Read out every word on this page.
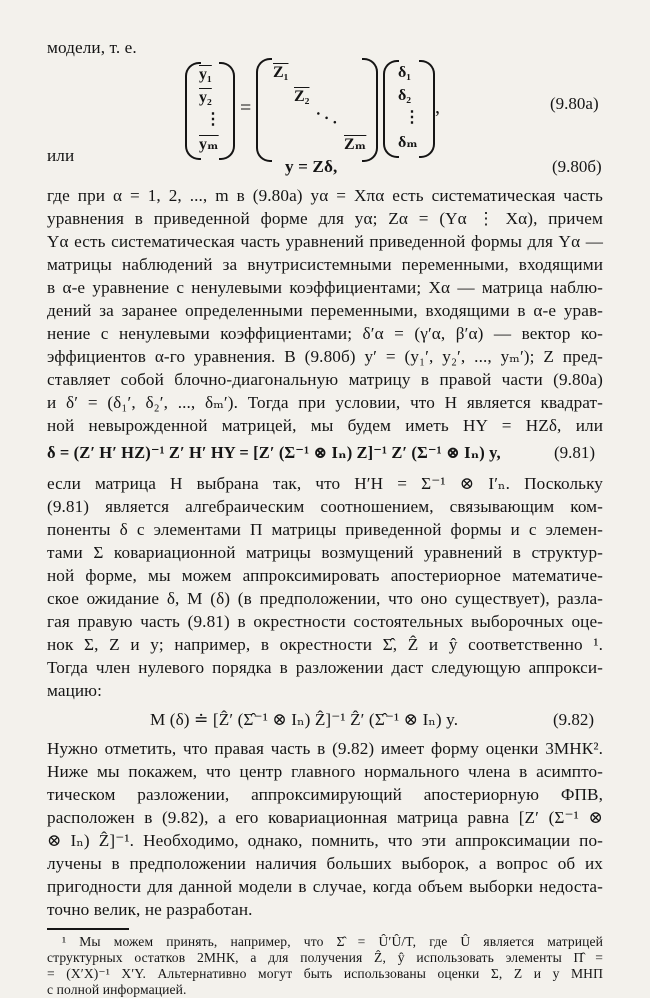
модели, т. е.
y₁
y₂
⋮
$\overline{y_m}$
=
Z₁
Z₂
· · ·
$\overline{Z_m}$
δ₁
δ₂
⋮
δₘ
,	(9.80a)
или
y = Zδ,	(9.80б)
где при α = 1, 2, ..., m в (9.80a) yα = Xπα есть систематическая часть
уравнения в приведенной форме для yα; Zα = (Yα ⋮ Xα), причем
Yα есть систематическая часть уравнений приведенной формы для Yα —
матрицы наблюдений за внутрисистемными переменными, входящими
в α-е уравнение с ненулевыми коэффициентами; Xα — матрица наблю-
дений за заранее определенными переменными, входящими в α-е урав-
нение с ненулевыми коэффициентами; δ′α = (γ′α, β′α) — вектор ко-
эффициентов α-го уравнения. В (9.80б) y′ = (y₁′, y₂′, ..., yₘ′); Z пред-
ставляет собой блочно-диагональную матрицу в правой части (9.80a)
и δ′ = (δ₁′, δ₂′, ..., δₘ′). Тогда при условии, что H является квадрат-
ной невырожденной матрицей, мы будем иметь HY = HZδ, или
δ = (Z′ H′ HZ)⁻¹ Z′ H′ HY = [Z′ (Σ⁻¹ ⊗ Iₙ) Z]⁻¹ Z′ (Σ⁻¹ ⊗ Iₙ) y,	(9.81)
если матрица H выбрана так, что H′H = Σ⁻¹ ⊗ I′ₙ. Поскольку
(9.81) является алгебраическим соотношением, связывающим ком-
поненты δ с элементами Π матрицы приведенной формы и с элемен-
тами Σ ковариационной матрицы возмущений уравнений в структур-
ной форме, мы можем аппроксимировать апостериорное математиче-
ское ожидание δ, M (δ) (в предположении, что оно существует), разла-
гая правую часть (9.81) в окрестности состоятельных выборочных оце-
нок Σ, Z и y; например, в окрестности Σ̂, Ẑ и ŷ соответственно ¹.
Тогда член нулевого порядка в разложении даст следующую аппрокси-
мацию:
M (δ) ≐ [Ẑ′ (Σ̂⁻¹ ⊗ Iₙ) Ẑ]⁻¹ Ẑ′ (Σ̂⁻¹ ⊗ Iₙ) y.	(9.82)
Нужно отметить, что правая часть в (9.82) имеет форму оценки 3МНК².
Ниже мы покажем, что центр главного нормального члена в асимпто-
тическом разложении, аппроксимирующий апостериорную ФПВ,
расположен в (9.82), а его ковариационная матрица равна [Z′ (Σ⁻¹ ⊗
⊗ Iₙ) Ẑ]⁻¹. Необходимо, однако, помнить, что эти аппроксимации по-
лучены в предположении наличия больших выборок, а вопрос об их
пригодности для данной модели в случае, когда объем выборки недоста-
точно велик, не разработан.
¹ Мы можем принять, например, что Σ̂ = Û′Û/T, где Û является матрицей
структурных остатков 2МНК, а для получения Ẑ, ŷ использовать элементы Π̂ =
= (X′X)⁻¹ X′Y. Альтернативно могут быть использованы оценки Σ, Z и y МНП
с полной информацией.
